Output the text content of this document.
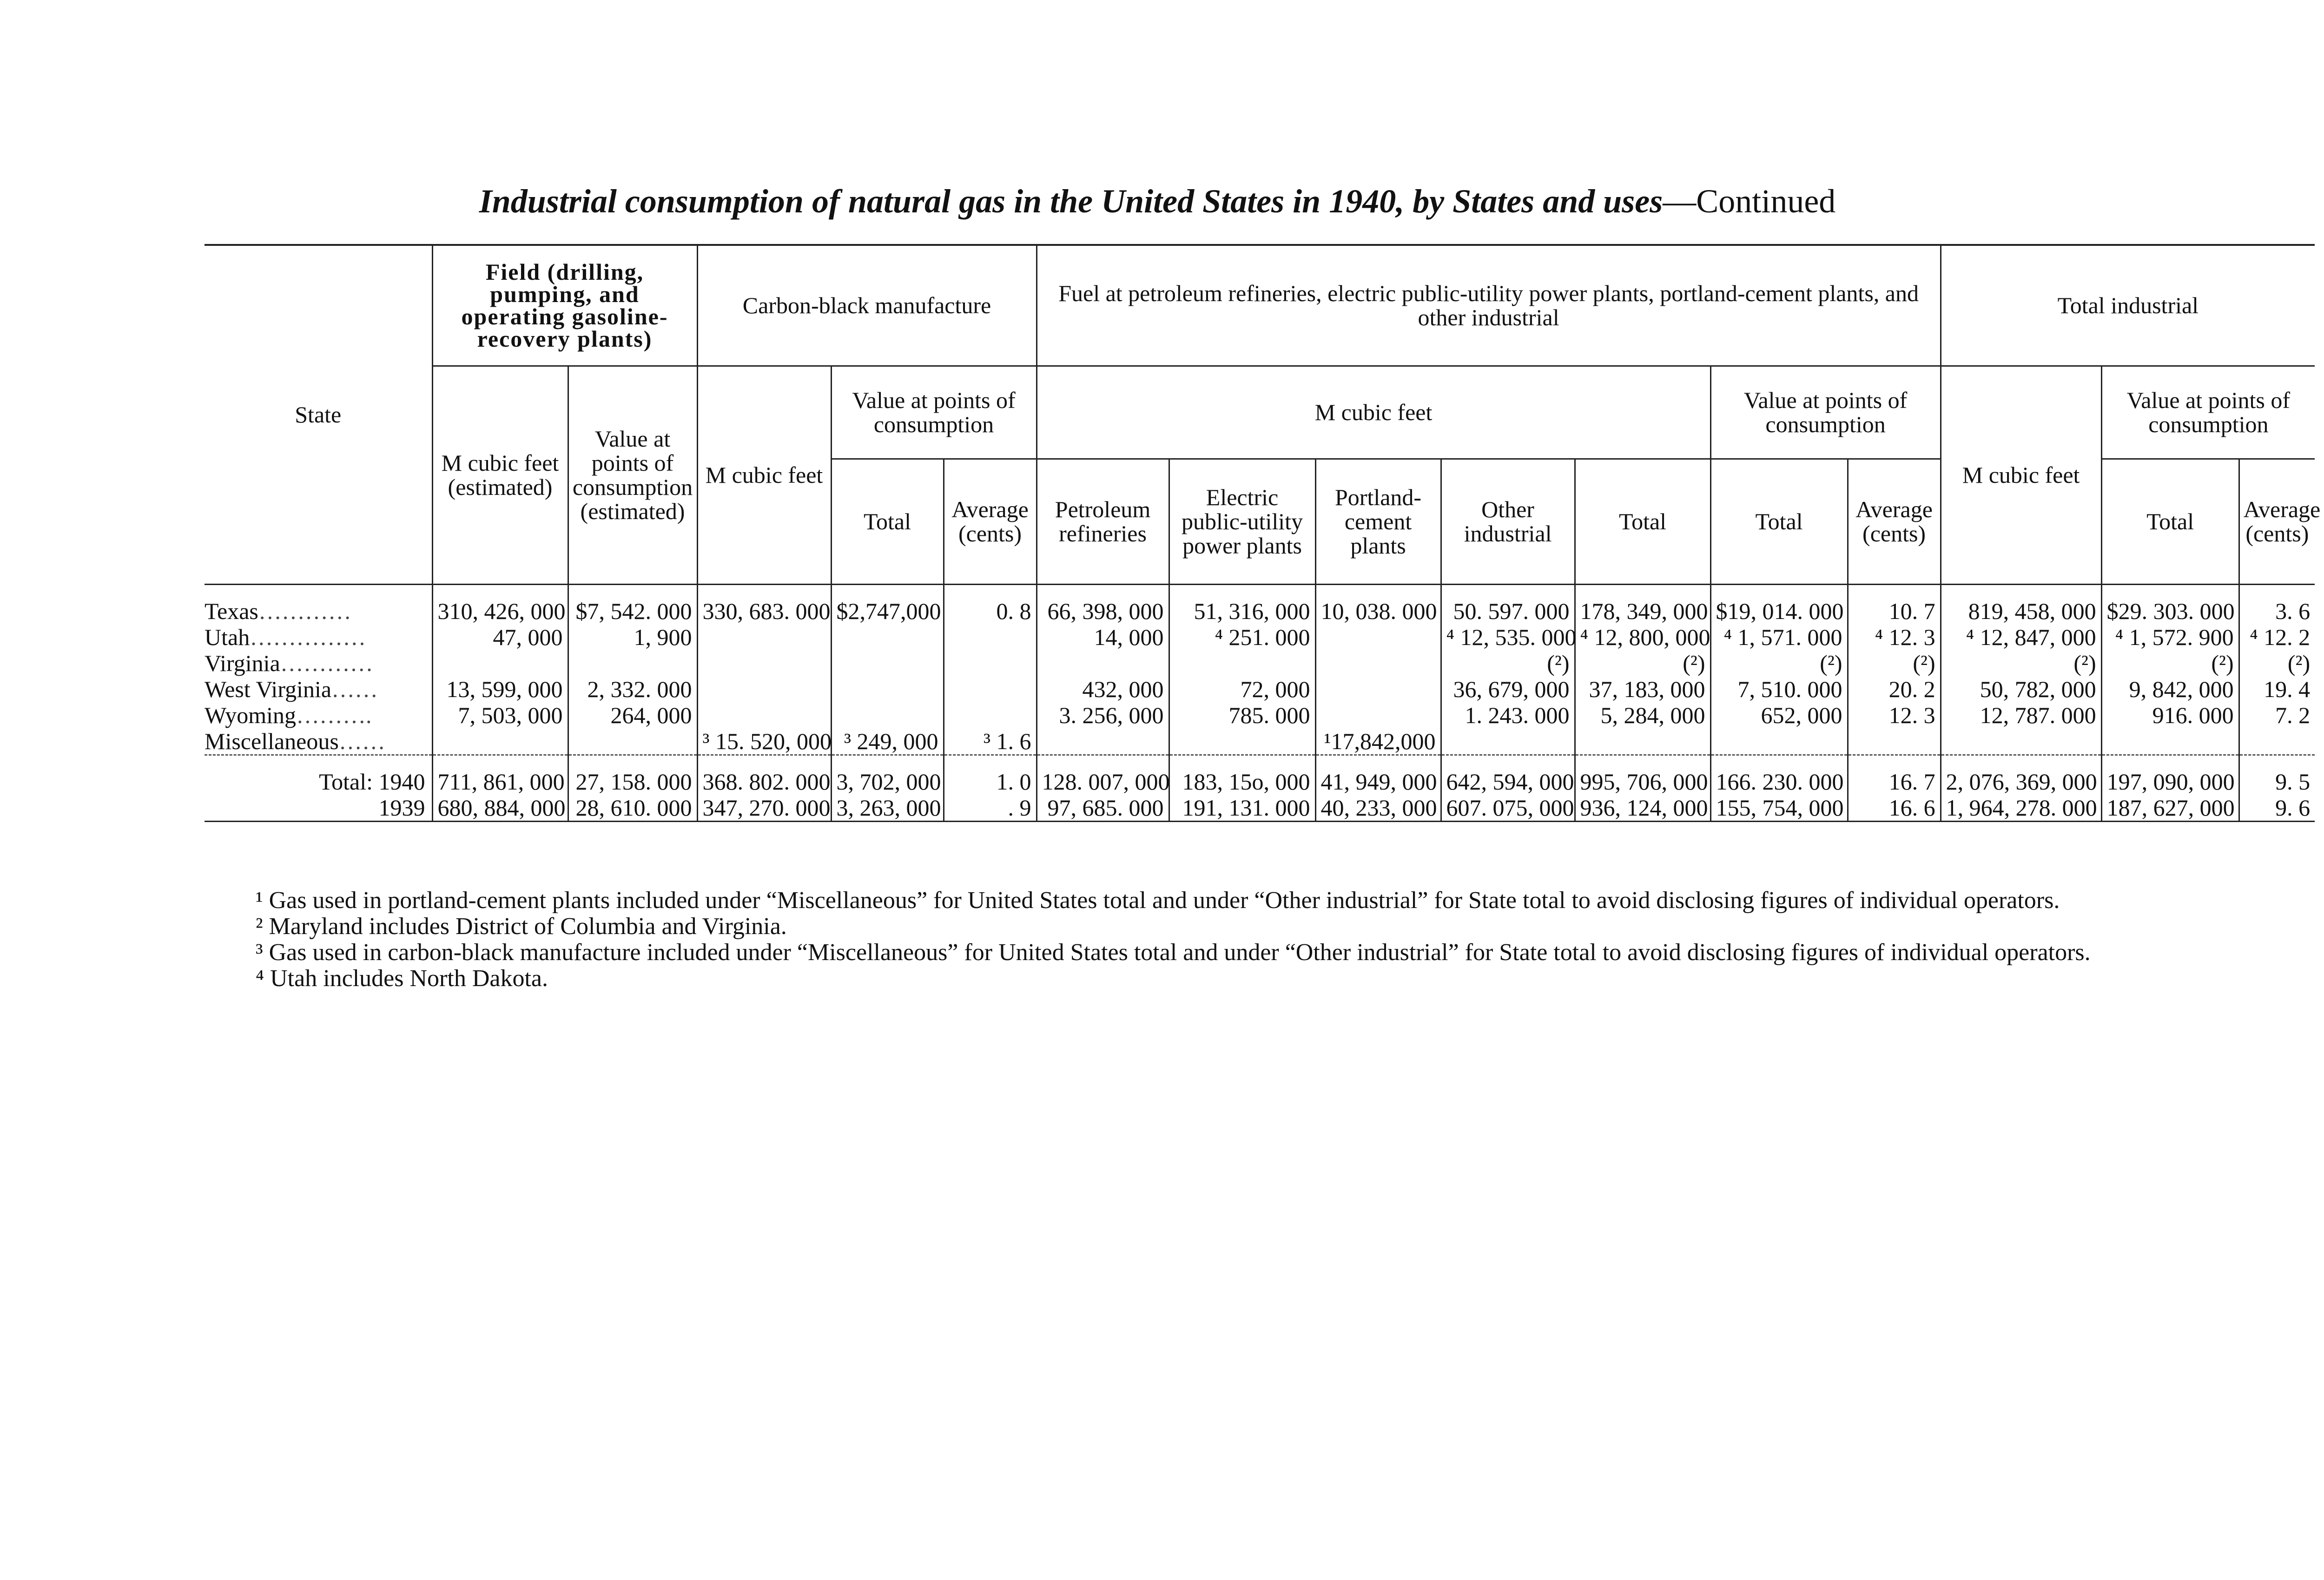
Industrial consumption of natural gas in the United States in 1940, by States and uses—Continued
State	Field (drilling, pumping, and operating gasoline-recovery plants)		Carbon-black manufacture			Fuel at petroleum refineries, electric public-utility power plants, portland-cement plants, and other industrial							Total industrial		
	M cubic feet (estimated)	Value at points of consumption (estimated)	M cubic feet	Value at points of consumption		M cubic feet					Value at points of consumption		M cubic feet	Value at points of consumption	
				Total	Average (cents)	Petroleum refineries	Electric public-utility power plants	Portland-cement plants	Other industrial	Total	Total	Average (cents)		Total	Average (cents)

Texas…………	310, 426, 000	$7, 542. 000	330, 683. 000	$2,747,000	0. 8	66, 398, 000	51, 316, 000	10, 038. 000	50. 597. 000	178, 349, 000	$19, 014. 000	10. 7	819, 458, 000	$29. 303. 000	3. 6
Utah……………	47, 000	1, 900				14, 000	⁴ 251. 000		⁴ 12, 535. 000	⁴ 12, 800, 000	⁴ 1, 571. 000	⁴ 12. 3	⁴ 12, 847, 000	⁴ 1, 572. 900	⁴ 12. 2
Virginia…………									(²)	(²)	(²)	(²)	(²)	(²)	(²)
West Virginia……	13, 599, 000	2, 332. 000				432, 000	72, 000		36, 679, 000	37, 183, 000	7, 510. 000	20. 2	50, 782, 000	9, 842, 000	19. 4
Wyoming……….	7, 503, 000	264, 000				3. 256, 000	785. 000		1. 243. 000	5, 284, 000	652, 000	12. 3	12, 787. 000	916. 000	7. 2
Miscellaneous……			³ 15. 520, 000	³ 249, 000	³ 1. 6			¹17,842,000							

Total: 1940	711, 861, 000	27, 158. 000	368. 802. 000	3, 702, 000	1. 0	128. 007, 000	183, 15o, 000	41, 949, 000	642, 594, 000	995, 706, 000	166. 230. 000	16. 7	2, 076, 369, 000	197, 090, 000	9. 5
1939	680, 884, 000	28, 610. 000	347, 270. 000	3, 263, 000	. 9	97, 685. 000	191, 131. 000	40, 233, 000	607. 075, 000	936, 124, 000	155, 754, 000	16. 6	1, 964, 278. 000	187, 627, 000	9. 6

¹ Gas used in portland-cement plants included under “Miscellaneous” for United States total and under “Other industrial” for State total to avoid disclosing figures of individual operators.

² Maryland includes District of Columbia and Virginia.

³ Gas used in carbon-black manufacture included under “Miscellaneous” for United States total and under “Other industrial” for State total to avoid disclosing figures of individual operators.

⁴ Utah includes North Dakota.
